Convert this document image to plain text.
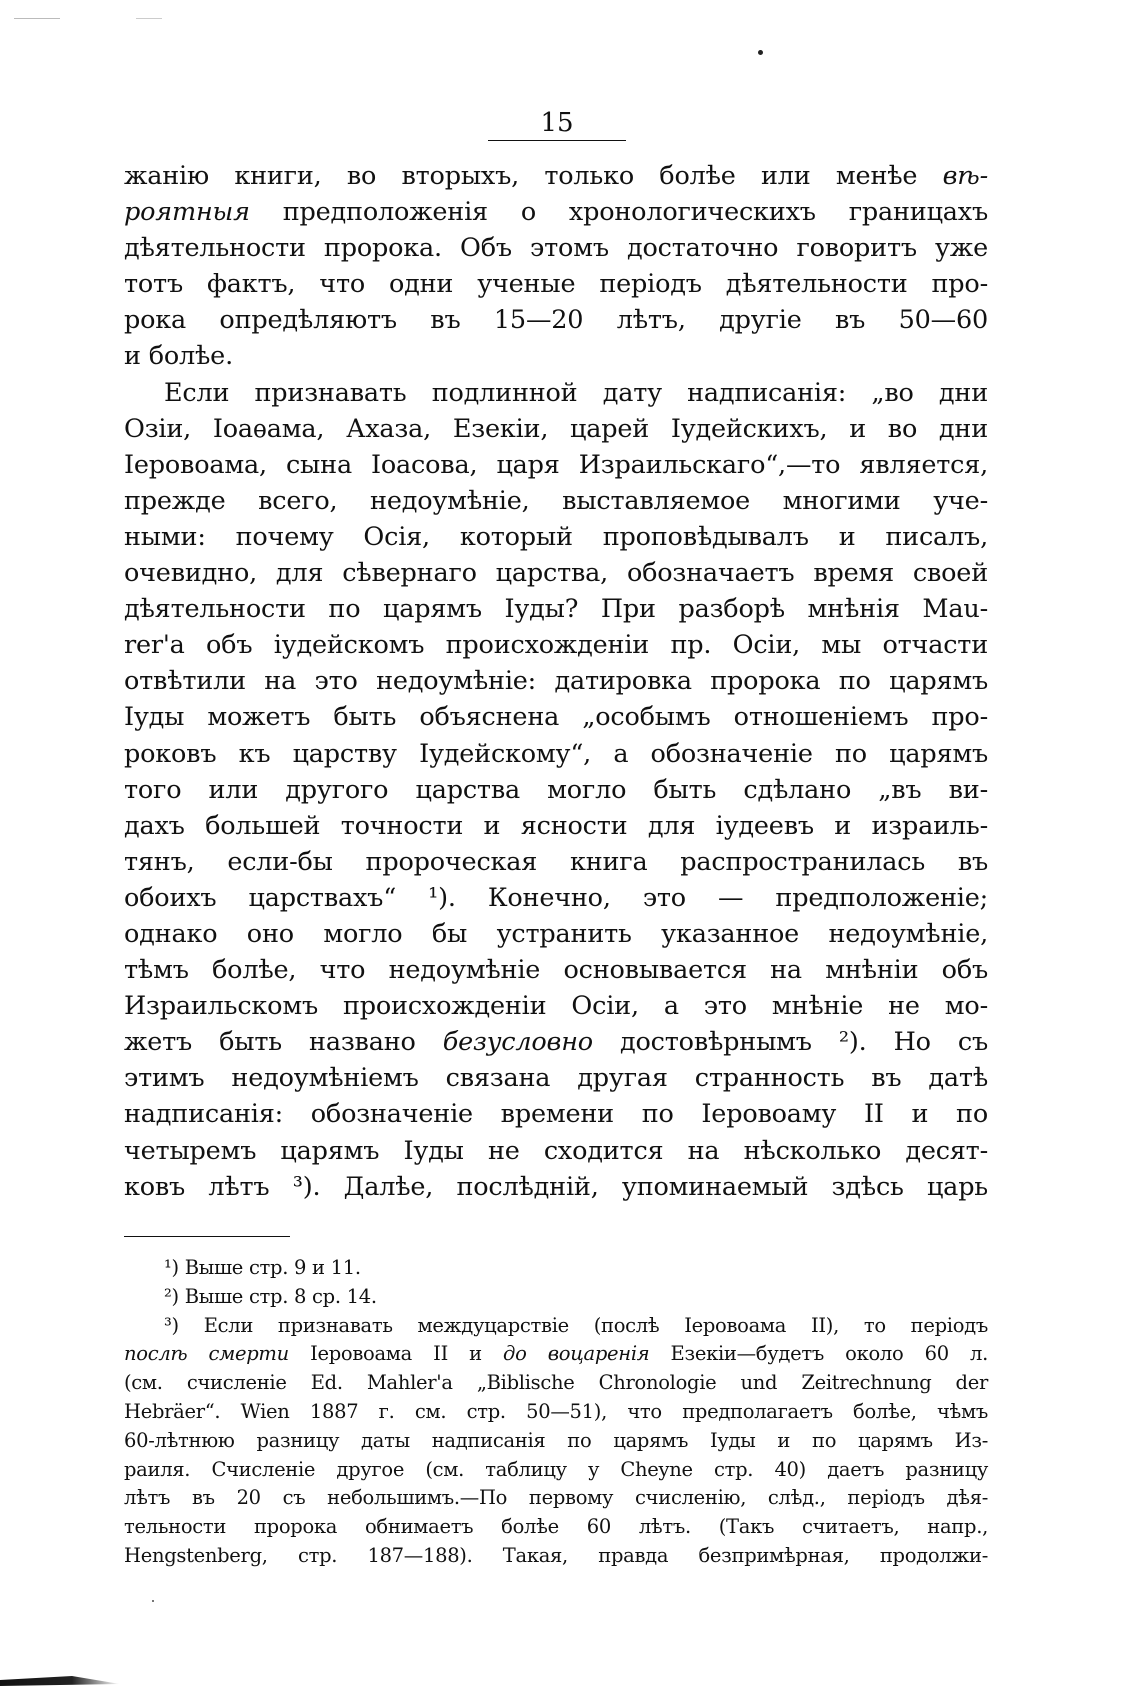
15
жанію книги, во вторыхъ, только болѣе или менѣе вѣ-
роятныя предположенія о хронологическихъ границахъ
дѣятельности пророка. Объ этомъ достаточно говоритъ уже
тотъ фактъ, что одни ученые періодъ дѣятельности про-
рока опредѣляютъ въ 15—20 лѣтъ, другіе въ 50—60
и болѣе.
Если признавать подлинной дату надписанія: „во дни
Озіи, Іоаѳама, Ахаза, Езекіи, царей Іудейскихъ, и во дни
Іеровоама, сына Іоасова, царя Израильскаго“,—то является,
прежде всего, недоумѣніе, выставляемое многими уче-
ными: почему Осія, который проповѣдывалъ и писалъ,
очевидно, для сѣвернаго царства, обозначаетъ время своей
дѣятельности по царямъ Іуды? При разборѣ мнѣнія Mau-
rer'a объ іудейскомъ происхожденіи пр. Осіи, мы отчасти
отвѣтили на это недоумѣніе: датировка пророка по царямъ
Іуды можетъ быть объяснена „особымъ отношеніемъ про-
роковъ къ царству Іудейскому“, а обозначеніе по царямъ
того или другого царства могло быть сдѣлано „въ ви-
дахъ большей точности и ясности для іудеевъ и израиль-
тянъ, если-бы пророческая книга распространилась въ
обоихъ царствахъ“ ¹). Конечно, это — предположеніе;
однако оно могло бы устранить указанное недоумѣніе,
тѣмъ болѣе, что недоумѣніе основывается на мнѣніи объ
Израильскомъ происхожденіи Осіи, а это мнѣніе не мо-
жетъ быть названо безусловно достовѣрнымъ ²). Но съ
этимъ недоумѣніемъ связана другая странность въ датѣ
надписанія: обозначеніе времени по Іеровоаму II и по
четыремъ царямъ Іуды не сходится на нѣсколько десят-
ковъ лѣтъ ³). Далѣе, послѣдній, упоминаемый здѣсь царь
¹) Выше стр. 9 и 11.
²) Выше стр. 8 ср. 14.
³) Если признавать междуцарствіе (послѣ Іеровоама II), то періодъ
послѣ смерти Іеровоама II и до воцаренія Езекіи—будетъ около 60 л.
(см. счисленіе Ed. Mahler'a „Biblische Chronologie und Zeitrechnung der
Hebräer“. Wien 1887 г. см. стр. 50—51), что предполагаетъ болѣе, чѣмъ
60-лѣтнюю разницу даты надписанія по царямъ Іуды и по царямъ Из-
раиля. Счисленіе другое (см. таблицу у Cheyne стр. 40) даетъ разницу
лѣтъ въ 20 съ небольшимъ.—По первому счисленію, слѣд., періодъ дѣя-
тельности пророка обнимаетъ болѣе 60 лѣтъ. (Такъ считаетъ, напр.,
Hengstenberg, стр. 187—188). Такая, правда безпримѣрная, продолжи-
